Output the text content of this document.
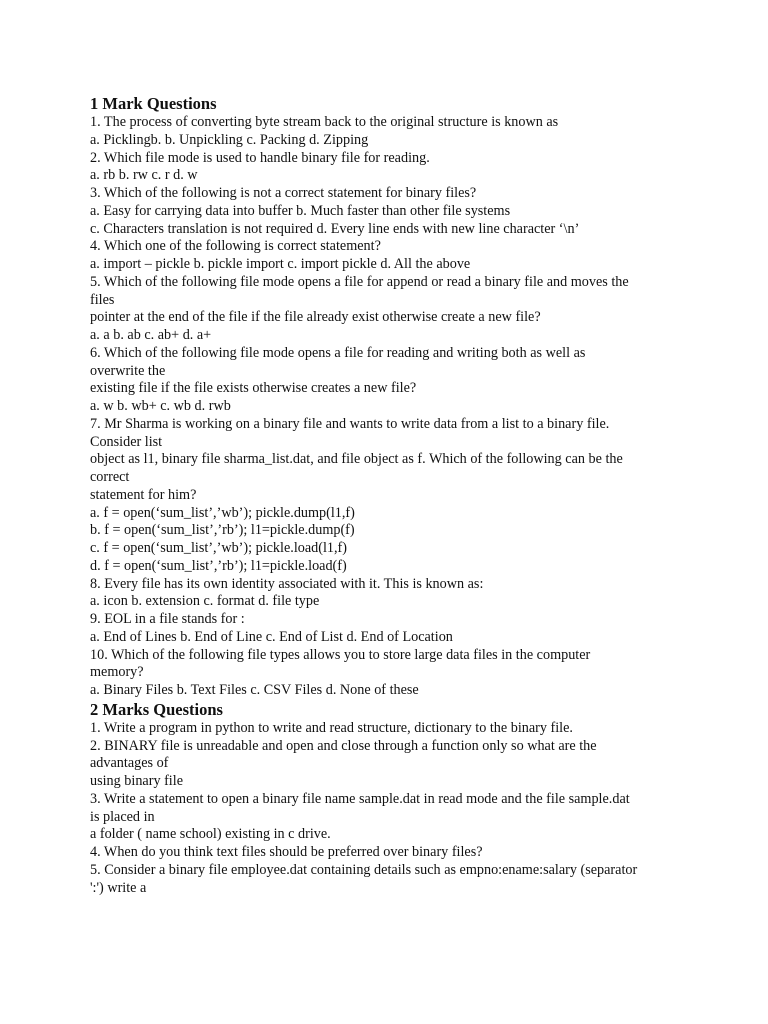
1 Mark Questions
1. The process of converting byte stream back to the original structure is known as
a. Picklingb. b. Unpickling c. Packing d. Zipping
2. Which file mode is used to handle binary file for reading.
a. rb b. rw c. r d. w
3. Which of the following is not a correct statement for binary files?
a. Easy for carrying data into buffer b. Much faster than other file systems
c. Characters translation is not required d. Every line ends with new line character ‘\n’
4. Which one of the following is correct statement?
a. import – pickle b. pickle import c. import pickle d. All the above
5. Which of the following file mode opens a file for append or read a binary file and moves the
files
pointer at the end of the file if the file already exist otherwise create a new file?
a. a b. ab c. ab+ d. a+
6. Which of the following file mode opens a file for reading and writing both as well as
overwrite the
existing file if the file exists otherwise creates a new file?
a. w b. wb+ c. wb d. rwb
7. Mr Sharma is working on a binary file and wants to write data from a list to a binary file.
Consider list
object as l1, binary file sharma_list.dat, and file object as f. Which of the following can be the
correct
statement for him?
a. f = open(‘sum_list’,’wb’); pickle.dump(l1,f)
b. f = open(‘sum_list’,’rb’); l1=pickle.dump(f)
c. f = open(‘sum_list’,’wb’); pickle.load(l1,f)
d. f = open(‘sum_list’,’rb’); l1=pickle.load(f)
8. Every file has its own identity associated with it. This is known as:
a. icon b. extension c. format d. file type
9. EOL in a file stands for :
a. End of Lines b. End of Line c. End of List d. End of Location
10. Which of the following file types allows you to store large data files in the computer
memory?
a. Binary Files b. Text Files c. CSV Files d. None of these
2 Marks Questions
1. Write a program in python to write and read structure, dictionary to the binary file.
2. BINARY file is unreadable and open and close through a function only so what are the
advantages of
using binary file
3. Write a statement to open a binary file name sample.dat in read mode and the file sample.dat
is placed in
a folder ( name school) existing in c drive.
4. When do you think text files should be preferred over binary files?
5. Consider a binary file employee.dat containing details such as empno:ename:salary (separator
':') write a
